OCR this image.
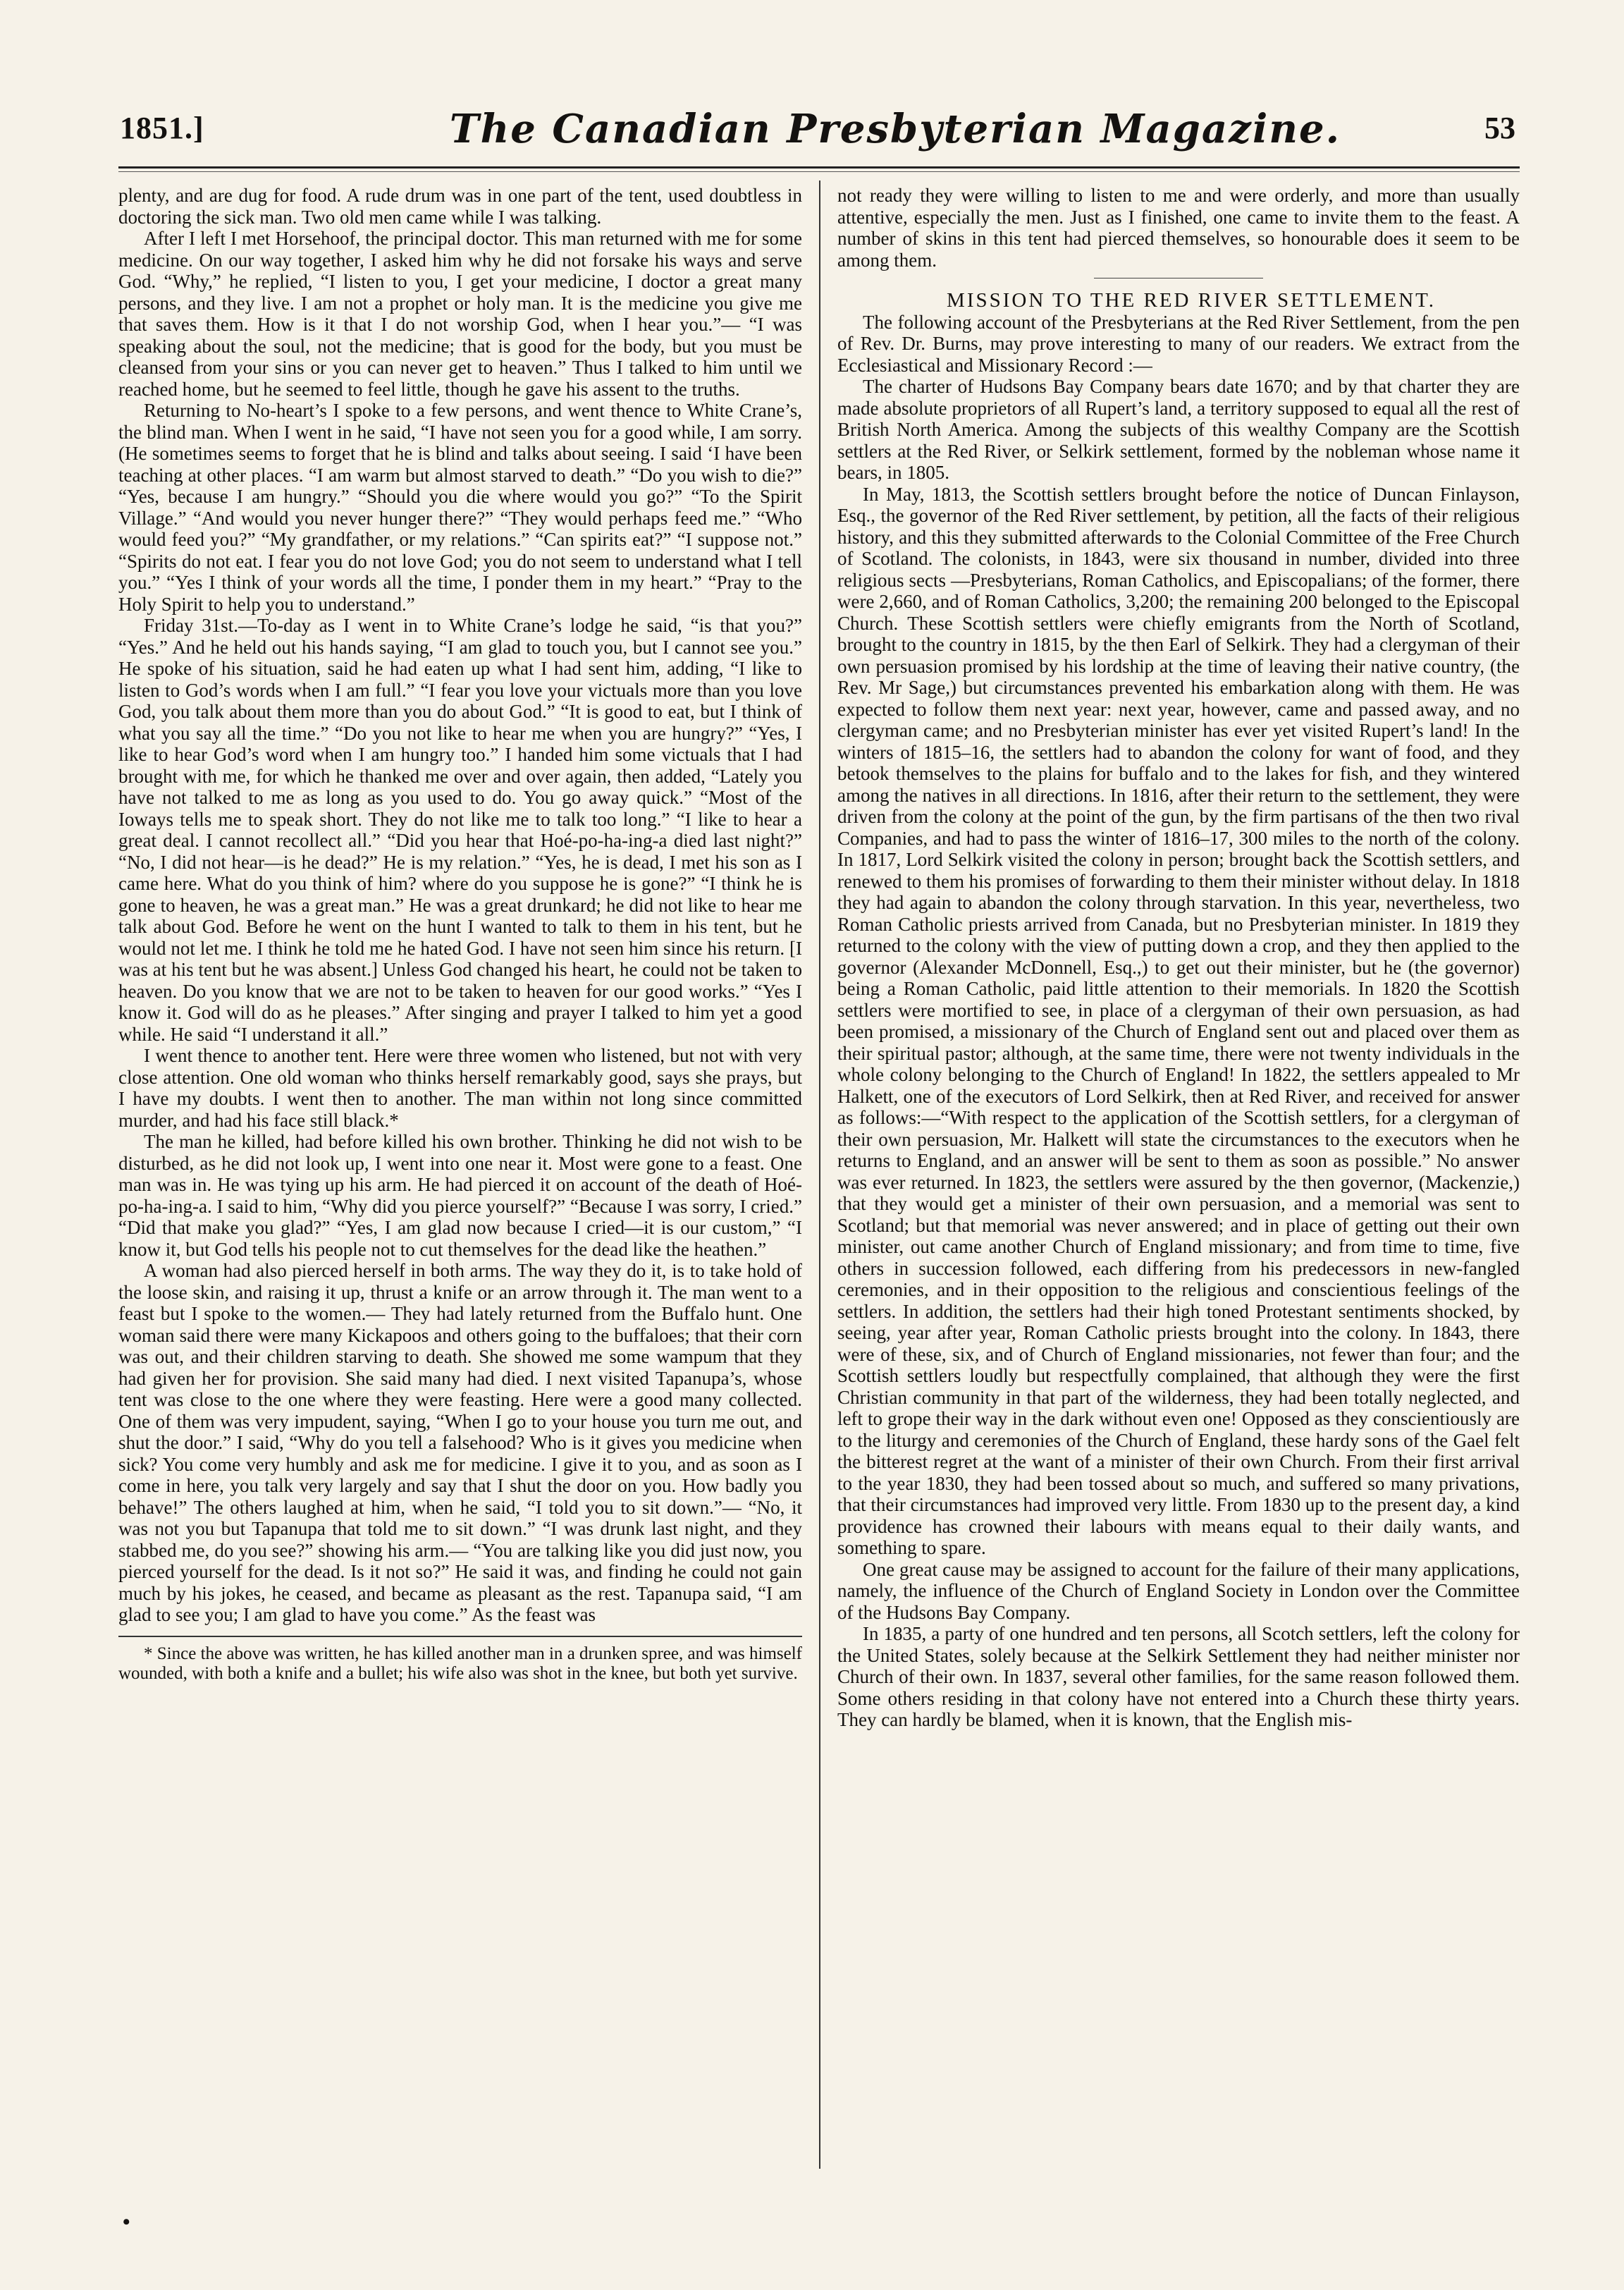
1851.]	The Canadian Presbyterian Magazine.	53

plenty, and are dug for food. A rude drum was in one part of the tent, used doubtless in doctoring the sick man. Two old men came while I was talking.

After I left I met Horsehoof, the principal doctor. This man returned with me for some medicine. On our way together, I asked him why he did not forsake his ways and serve God. “Why,” he replied, “I listen to you, I get your medicine, I doctor a great many persons, and they live. I am not a prophet or holy man. It is the medicine you give me that saves them. How is it that I do not worship God, when I hear you.”— “I was speaking about the soul, not the medicine; that is good for the body, but you must be cleansed from your sins or you can never get to heaven.” Thus I talked to him until we reached home, but he seemed to feel little, though he gave his assent to the truths.

Returning to No-heart’s I spoke to a few persons, and went thence to White Crane’s, the blind man. When I went in he said, “I have not seen you for a good while, I am sorry. (He sometimes seems to forget that he is blind and talks about seeing. I said ‘I have been teaching at other places. “I am warm but almost starved to death.” “Do you wish to die?” “Yes, because I am hungry.” “Should you die where would you go?” “To the Spirit Village.” “And would you never hunger there?” “They would perhaps feed me.” “Who would feed you?” “My grandfather, or my relations.” “Can spirits eat?” “I suppose not.” “Spirits do not eat. I fear you do not love God; you do not seem to understand what I tell you.” “Yes I think of your words all the time, I ponder them in my heart.” “Pray to the Holy Spirit to help you to understand.”

Friday 31st.—To-day as I went in to White Crane’s lodge he said, “is that you?” “Yes.” And he held out his hands saying, “I am glad to touch you, but I cannot see you.” He spoke of his situation, said he had eaten up what I had sent him, adding, “I like to listen to God’s words when I am full.” “I fear you love your victuals more than you love God, you talk about them more than you do about God.” “It is good to eat, but I think of what you say all the time.” “Do you not like to hear me when you are hungry?” “Yes, I like to hear God’s word when I am hungry too.” I handed him some victuals that I had brought with me, for which he thanked me over and over again, then added, “Lately you have not talked to me as long as you used to do. You go away quick.” “Most of the Ioways tells me to speak short. They do not like me to talk too long.” “I like to hear a great deal. I cannot recollect all.” “Did you hear that Hoé-po-ha-ing-a died last night?” “No, I did not hear—is he dead?” He is my relation.” “Yes, he is dead, I met his son as I came here. What do you think of him? where do you suppose he is gone?” “I think he is gone to heaven, he was a great man.” He was a great drunkard; he did not like to hear me talk about God. Before he went on the hunt I wanted to talk to them in his tent, but he would not let me. I think he told me he hated God. I have not seen him since his return. [I was at his tent but he was absent.] Unless God changed his heart, he could not be taken to heaven. Do you know that we are not to be taken to heaven for our good works.” “Yes I know it. God will do as he pleases.” After singing and prayer I talked to him yet a good while. He said “I understand it all.”

I went thence to another tent. Here were three women who listened, but not with very close attention. One old woman who thinks herself remarkably good, says she prays, but I have my doubts. I went then to another. The man within not long since committed murder, and had his face still black.*

The man he killed, had before killed his own brother. Thinking he did not wish to be disturbed, as he did not look up, I went into one near it. Most were gone to a feast. One man was in. He was tying up his arm. He had pierced it on account of the death of Hoé-po-ha-ing-a. I said to him, “Why did you pierce yourself?” “Because I was sorry, I cried.” “Did that make you glad?” “Yes, I am glad now because I cried—it is our custom,” “I know it, but God tells his people not to cut themselves for the dead like the heathen.”

A woman had also pierced herself in both arms. The way they do it, is to take hold of the loose skin, and raising it up, thrust a knife or an arrow through it. The man went to a feast but I spoke to the women.— They had lately returned from the Buffalo hunt. One woman said there were many Kickapoos and others going to the buffaloes; that their corn was out, and their children starving to death. She showed me some wampum that they had given her for provision. She said many had died. I next visited Tapanupa’s, whose tent was close to the one where they were feasting. Here were a good many collected. One of them was very impudent, saying, “When I go to your house you turn me out, and shut the door.” I said, “Why do you tell a falsehood? Who is it gives you medicine when sick? You come very humbly and ask me for medicine. I give it to you, and as soon as I come in here, you talk very largely and say that I shut the door on you. How badly you behave!” The others laughed at him, when he said, “I told you to sit down.”— “No, it was not you but Tapanupa that told me to sit down.” “I was drunk last night, and they stabbed me, do you see?” showing his arm.— “You are talking like you did just now, you pierced yourself for the dead. Is it not so?” He said it was, and finding he could not gain much by his jokes, he ceased, and became as pleasant as the rest. Tapanupa said, “I am glad to see you; I am glad to have you come.” As the feast was

* Since the above was written, he has killed another man in a drunken spree, and was himself wounded, with both a knife and a bullet; his wife also was shot in the knee, but both yet survive.

not ready they were willing to listen to me and were orderly, and more than usually attentive, especially the men. Just as I finished, one came to invite them to the feast. A number of skins in this tent had pierced themselves, so honourable does it seem to be among them.

MISSION TO THE RED RIVER SETTLEMENT.

The following account of the Presbyterians at the Red River Settlement, from the pen of Rev. Dr. Burns, may prove interesting to many of our readers. We extract from the Ecclesiastical and Missionary Record :—

The charter of Hudsons Bay Company bears date 1670; and by that charter they are made absolute proprietors of all Rupert’s land, a territory supposed to equal all the rest of British North America. Among the subjects of this wealthy Company are the Scottish settlers at the Red River, or Selkirk settlement, formed by the nobleman whose name it bears, in 1805.

In May, 1813, the Scottish settlers brought before the notice of Duncan Finlayson, Esq., the governor of the Red River settlement, by petition, all the facts of their religious history, and this they submitted afterwards to the Colonial Committee of the Free Church of Scotland. The colonists, in 1843, were six thousand in number, divided into three religious sects —Presbyterians, Roman Catholics, and Episcopalians; of the former, there were 2,660, and of Roman Catholics, 3,200; the remaining 200 belonged to the Episcopal Church. These Scottish settlers were chiefly emigrants from the North of Scotland, brought to the country in 1815, by the then Earl of Selkirk. They had a clergyman of their own persuasion promised by his lordship at the time of leaving their native country, (the Rev. Mr Sage,) but circumstances prevented his embarkation along with them. He was expected to follow them next year: next year, however, came and passed away, and no clergyman came; and no Presbyterian minister has ever yet visited Rupert’s land! In the winters of 1815–16, the settlers had to abandon the colony for want of food, and they betook themselves to the plains for buffalo and to the lakes for fish, and they wintered among the natives in all directions. In 1816, after their return to the settlement, they were driven from the colony at the point of the gun, by the firm partisans of the then two rival Companies, and had to pass the winter of 1816–17, 300 miles to the north of the colony. In 1817, Lord Selkirk visited the colony in person; brought back the Scottish settlers, and renewed to them his promises of forwarding to them their minister without delay. In 1818 they had again to abandon the colony through starvation. In this year, nevertheless, two Roman Catholic priests arrived from Canada, but no Presbyterian minister. In 1819 they returned to the colony with the view of putting down a crop, and they then applied to the governor (Alexander McDonnell, Esq.,) to get out their minister, but he (the governor) being a Roman Catholic, paid little attention to their memorials. In 1820 the Scottish settlers were mortified to see, in place of a clergyman of their own persuasion, as had been promised, a missionary of the Church of England sent out and placed over them as their spiritual pastor; although, at the same time, there were not twenty individuals in the whole colony belonging to the Church of England! In 1822, the settlers appealed to Mr Halkett, one of the executors of Lord Selkirk, then at Red River, and received for answer as follows:—“With respect to the application of the Scottish settlers, for a clergyman of their own persuasion, Mr. Halkett will state the circumstances to the executors when he returns to England, and an answer will be sent to them as soon as possible.” No answer was ever returned. In 1823, the settlers were assured by the then governor, (Mackenzie,) that they would get a minister of their own persuasion, and a memorial was sent to Scotland; but that memorial was never answered; and in place of getting out their own minister, out came another Church of England missionary; and from time to time, five others in succession followed, each differing from his predecessors in new-fangled ceremonies, and in their opposition to the religious and conscientious feelings of the settlers. In addition, the settlers had their high toned Protestant sentiments shocked, by seeing, year after year, Roman Catholic priests brought into the colony. In 1843, there were of these, six, and of Church of England missionaries, not fewer than four; and the Scottish settlers loudly but respectfully complained, that although they were the first Christian community in that part of the wilderness, they had been totally neglected, and left to grope their way in the dark without even one! Opposed as they conscientiously are to the liturgy and ceremonies of the Church of England, these hardy sons of the Gael felt the bitterest regret at the want of a minister of their own Church. From their first arrival to the year 1830, they had been tossed about so much, and suffered so many privations, that their circumstances had improved very little. From 1830 up to the present day, a kind providence has crowned their labours with means equal to their daily wants, and something to spare.

One great cause may be assigned to account for the failure of their many applications, namely, the influence of the Church of England Society in London over the Committee of the Hudsons Bay Company.

In 1835, a party of one hundred and ten persons, all Scotch settlers, left the colony for the United States, solely because at the Selkirk Settlement they had neither minister nor Church of their own. In 1837, several other families, for the same reason followed them. Some others residing in that colony have not entered into a Church these thirty years. They can hardly be blamed, when it is known, that the English mis-

•
